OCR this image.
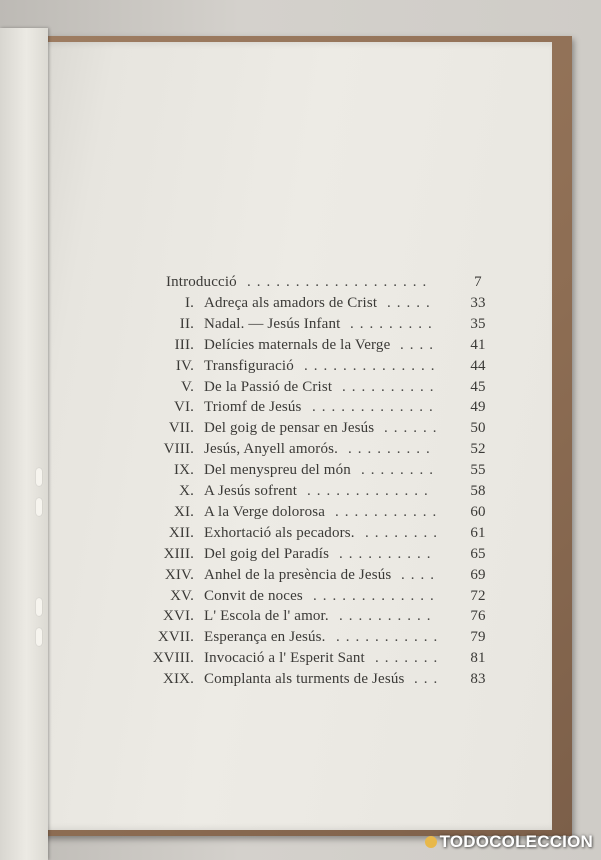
Introducció ...................	7
I. Adreça als amadors de Crist .....	33
II. Nadal. — Jesús Infant .........	35
III. Delícies maternals de la Verge ....	41
IV. Transfiguració ..............	44
V. De la Passió de Crist ..........	45
VI. Triomf de Jesús .............	49
VII. Del goig de pensar en Jesús ......	50
VIII. Jesús, Anyell amorós. .........	52
IX. Del menyspreu del món ........	55
X. A Jesús sofrent .............	58
XI. A la Verge dolorosa ...........	60
XII. Exhortació als pecadors. ........	61
XIII. Del goig del Paradís ..........	65
XIV. Anhel de la presència de Jesús ....	69
XV. Convit de noces .............	72
XVI. L' Escola de l' amor. ..........	76
XVII. Esperança en Jesús. ...........	79
XVIII. Invocació a l' Esperit Sant .......	81
XIX. Complanta als turments de Jesús ...	83
TODOCOLECCION
